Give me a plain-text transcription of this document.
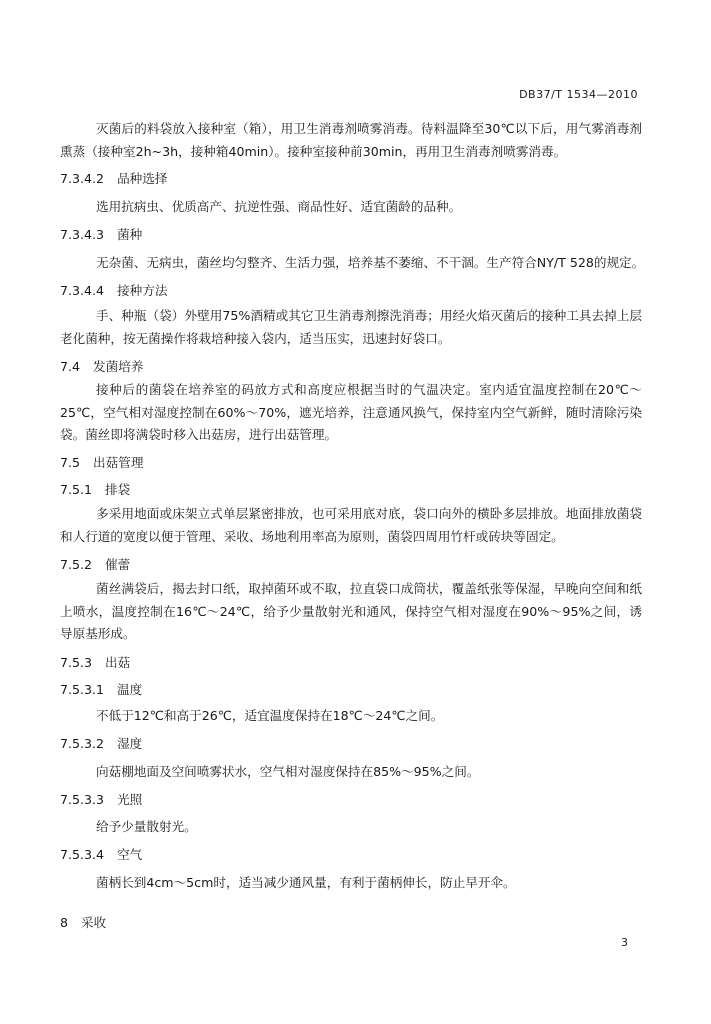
DB37/T 1534—2010
灭菌后的料袋放入接种室（箱），用卫生消毒剂喷雾消毒。待料温降至30℃以下后，用气雾消毒剂熏蒸（接种室2h~3h，接种箱40min）。接种室接种前30min，再用卫生消毒剂喷雾消毒。
7.3.4.2 品种选择
选用抗病虫、优质高产、抗逆性强、商品性好、适宜菌龄的品种。
7.3.4.3 菌种
无杂菌、无病虫，菌丝均匀整齐、生活力强，培养基不萎缩、不干涸。生产符合NY/T 528的规定。
7.3.4.4 接种方法
手、种瓶（袋）外壁用75%酒精或其它卫生消毒剂擦洗消毒；用经火焰灭菌后的接种工具去掉上层老化菌种，按无菌操作将栽培种接入袋内，适当压实，迅速封好袋口。
7.4 发菌培养
接种后的菌袋在培养室的码放方式和高度应根据当时的气温决定。室内适宜温度控制在20℃～25℃，空气相对湿度控制在60%～70%，遮光培养，注意通风换气，保持室内空气新鲜，随时清除污染袋。菌丝即将满袋时移入出菇房，进行出菇管理。
7.5 出菇管理
7.5.1 排袋
多采用地面或床架立式单层紧密排放，也可采用底对底，袋口向外的横卧多层排放。地面排放菌袋和人行道的宽度以便于管理、采收、场地利用率高为原则，菌袋四周用竹杆或砖块等固定。
7.5.2 催蕾
菌丝满袋后，揭去封口纸，取掉菌环或不取，拉直袋口成筒状，覆盖纸张等保湿，早晚向空间和纸上喷水，温度控制在16℃～24℃，给予少量散射光和通风，保持空气相对湿度在90%～95%之间，诱导原基形成。
7.5.3 出菇
7.5.3.1 温度
不低于12℃和高于26℃，适宜温度保持在18℃～24℃之间。
7.5.3.2 湿度
向菇棚地面及空间喷雾状水，空气相对湿度保持在85%～95%之间。
7.5.3.3 光照
给予少量散射光。
7.5.3.4 空气
菌柄长到4cm～5cm时，适当减少通风量，有利于菌柄伸长，防止早开伞。
8 采收
3
